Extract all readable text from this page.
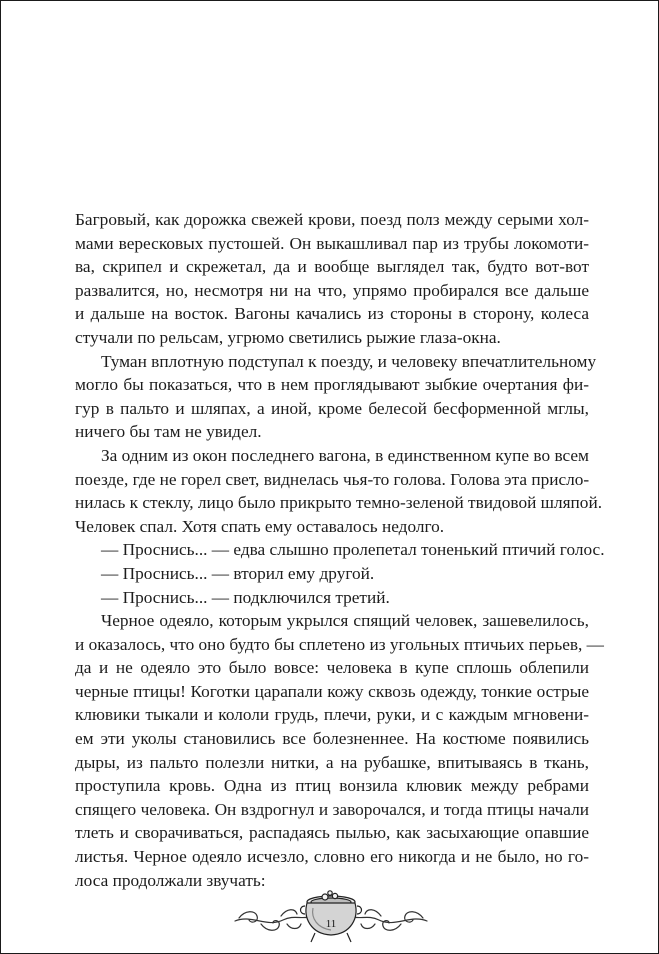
Багровый, как дорожка свежей крови, поезд полз между серыми хол-
мами вересковых пустошей. Он выкашливал пар из трубы локомоти-
ва, скрипел и скрежетал, да и вообще выглядел так, будто вот-вот
развалится, но, несмотря ни на что, упрямо пробирался все дальше
и дальше на восток. Вагоны качались из стороны в сторону, колеса
стучали по рельсам, угрюмо светились рыжие глаза-окна.

Туман вплотную подступал к поезду, и человеку впечатлительному
могло бы показаться, что в нем проглядывают зыбкие очертания фи-
гур в пальто и шляпах, а иной, кроме белесой бесформенной мглы,
ничего бы там не увидел.

За одним из окон последнего вагона, в единственном купе во всем
поезде, где не горел свет, виднелась чья-то голова. Голова эта присло-
нилась к стеклу, лицо было прикрыто темно-зеленой твидовой шляпой.
Человек спал. Хотя спать ему оставалось недолго.

— Проснись... — едва слышно пролепетал тоненький птичий голос.

— Проснись... — вторил ему другой.

— Проснись... — подключился третий.

Черное одеяло, которым укрылся спящий человек, зашевелилось,
и оказалось, что оно будто бы сплетено из угольных птичьих перьев, —
да и не одеяло это было вовсе: человека в купе сплошь облепили
черные птицы! Коготки царапали кожу сквозь одежду, тонкие острые
клювики тыкали и кололи грудь, плечи, руки, и с каждым мгновени-
ем эти уколы становились все болезненнее. На костюме появились
дыры, из пальто полезли нитки, а на рубашке, впитываясь в ткань,
проступила кровь. Одна из птиц вонзила клювик между ребрами
спящего человека. Он вздрогнул и заворочался, и тогда птицы начали
тлеть и сворачиваться, распадаясь пылью, как засыхающие опавшие
листья. Черное одеяло исчезло, словно его никогда и не было, но го-
лоса продолжали звучать:

11
